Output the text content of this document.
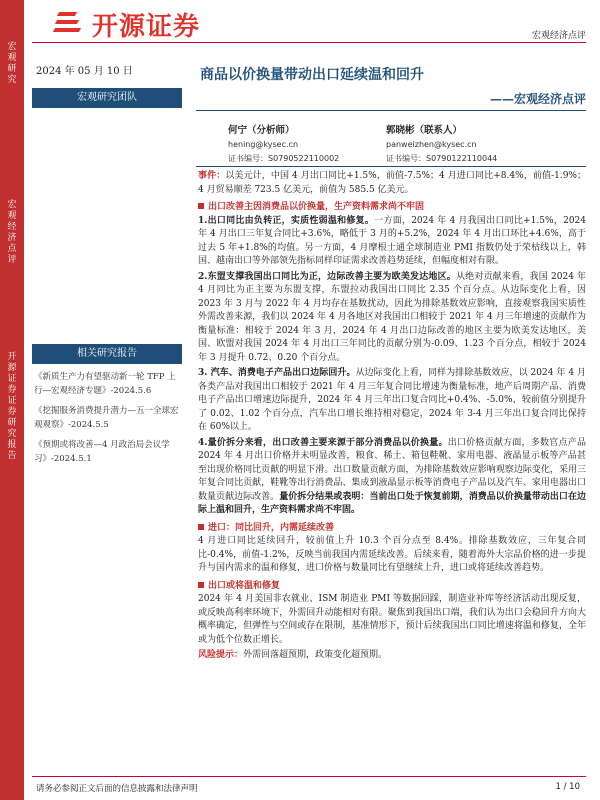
宏观研究
宏观经济点评
开源证券 证券研究报告
开源证券	宏观经济点评
2024 年 05 月 10 日
宏观研究团队
相关研究报告
《新质生产力有望驱动新一轮 TFP 上行—宏观经济专题》-2024.5.6
《挖掘服务消费提升潜力—五一全球宏观观察》-2024.5.5
《预期或将改善—4 月政治局会议学习》-2024.5.1
商品以价换量带动出口延续温和回升
——宏观经济点评
何宁（分析师）
hening@kysec.cn
证书编号：S0790522110002
郭晓彬（联系人）
panweizhen@kysec.cn
证书编号：S0790122110044

事件：以美元计，中国 4 月出口同比+1.5%，前值-7.5%；4 月进口同比+8.4%，前值-1.9%；4 月贸易顺差 723.5 亿美元，前值为 585.5 亿美元。

出口改善主因消费品以价换量，生产资料需求尚不牢固

1.出口同比由负转正，实质性弱温和修复。一方面，2024 年 4 月我国出口同比+1.5%，2024 年 4 月出口三年复合同比+3.6%，略低于 3 月的+5.2%，2024 年 4 月出口环比+4.6%，高于过去 5 年+1.8%的均值。另一方面，4 月摩根士通全球制造业 PMI 指数仍处于荣枯线以上，韩国、越南出口等外部领先指标同样印证需求改善趋势延续，但幅度相对有限。

2.东盟支撑我国出口同比为正，边际改善主要为欧美发达地区。从绝对贡献来看，我国 2024 年 4 月同比为正主要为东盟支撑，东盟拉动我国出口同比 2.35 个百分点。从边际变化上看，因 2023 年 3 月与 2022 年 4 月均存在基数扰动，因此为排除基数效应影响，直接观察我国实质性外需改善来源，我们以 2024 年 4 月各地区对我国出口相较于 2021 年 4 月三年增速的贡献作为衡量标准：相较于 2024 年 3 月，2024 年 4 月出口边际改善的地区主要为欧美发达地区，美国、欧盟对我国 2024 年 4 月出口三年同比的贡献分别为-0.09、1.23 个百分点，相较于 2024 年 3 月提升 0.72、0.20 个百分点。

3. 汽车、消费电子产品出口边际回升。从边际变化上看，同样为排除基数效应，以 2024 年 4 月各类产品对我国出口相较于 2021 年 4 月三年复合同比增速为衡量标准，地产后周期产品、消费电子产品出口增速边际提升，2024 年 4 月三年出口复合同比+0.4%、-5.0%，较前值分别提升了 0.02、1.02 个百分点，汽车出口增长维持相对稳定，2024 年 3-4 月三年出口复合同比保持在 60%以上。

4.量价拆分来看，出口改善主要来源于部分消费品以价换量。出口价格贡献方面，多数官点产品 2024 年 4 月出口价格并未明显改善，粮食、稀土、箱包鞋靴、家用电器、液晶显示板等产品甚至出现价格同比贡献的明显下滑。出口数量贡献方面，为排除基数效应影响观察边际变化，采用三年复合同比贡献，鞋靴等出行消费品、集成到液晶显示板等消费电子产品以及汽车、家用电器出口数量贡献边际改善。量价拆分结果或表明：当前出口处于恢复前期，消费品以价换量带动出口在边际上温和回升，生产资料需求尚不牢固。

进口：同比回升，内需延续改善

4 月进口同比延续回升，较前值上升 10.3 个百分点至 8.4%。排除基数效应，三年复合同比-0.4%，前值-1.2%，反映当前我国内需延续改善。后续来看，随着海外大宗品价格的进一步提升与国内需求的温和修复，进口价格与数量同比有望继续上升，进口或将延续改善趋势。

出口或将温和修复

2024 年 4 月美国非农就业、ISM 制造业 PMI 等数据回踩，制造业补库等经济活动出现反复，或反映高利率环境下，外需回升动能相对有限。聚焦到我国出口端，我们认为出口会稳回升方向大概率确定，但弹性与空间或存在限制，基准情形下，预计后续我国出口同比增速将温和修复，全年或为低个位数正增长。

风险提示：外需回落超预期，政策变化超预期。

请务必参阅正文后面的信息披露和法律声明	1 / 10
